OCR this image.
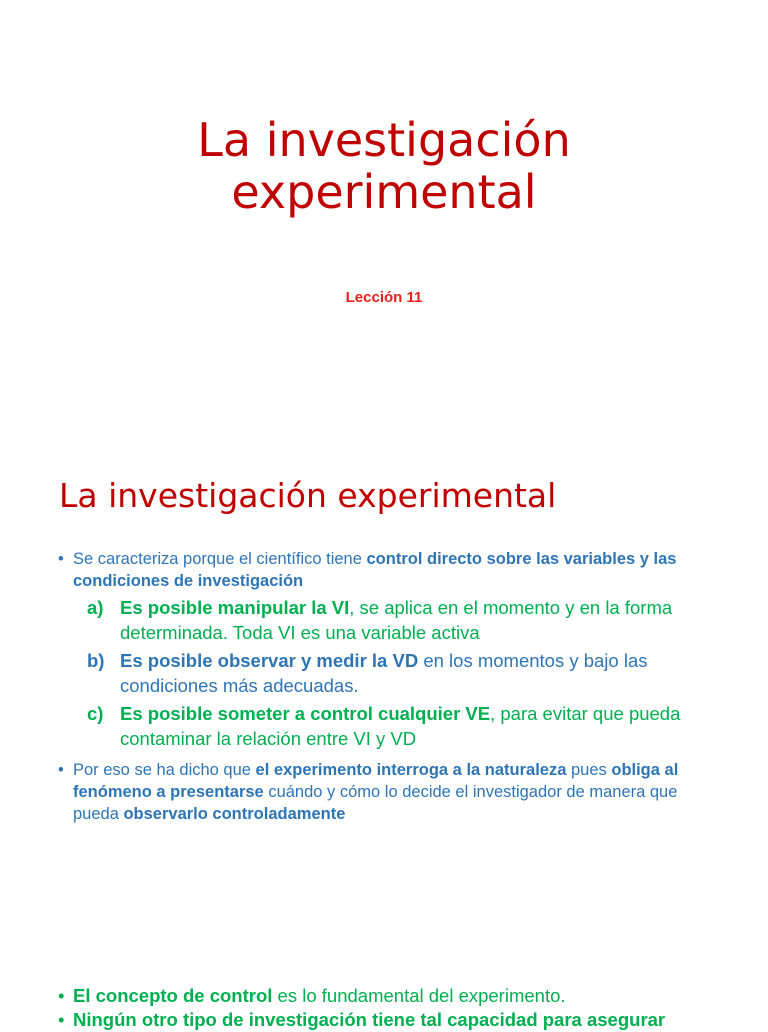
La investigación
experimental

Lección 11

La investigación experimental
• Se caracteriza porque el científico tiene control directo sobre las variables y las condiciones de investigación
a) Es posible manipular la VI, se aplica en el momento y en la forma determinada. Toda VI es una variable activa
b) Es posible observar y medir la VD en los momentos y bajo las condiciones más adecuadas.
c) Es posible someter a control cualquier VE, para evitar que pueda contaminar la relación entre VI y VD
• Por eso se ha dicho que el experimento interroga a la naturaleza pues obliga al fenómeno a presentarse cuándo y cómo lo decide el investigador de manera que pueda observarlo controladamente
• El concepto de control es lo fundamental del experimento.
• Ningún otro tipo de investigación tiene tal capacidad para asegurar
